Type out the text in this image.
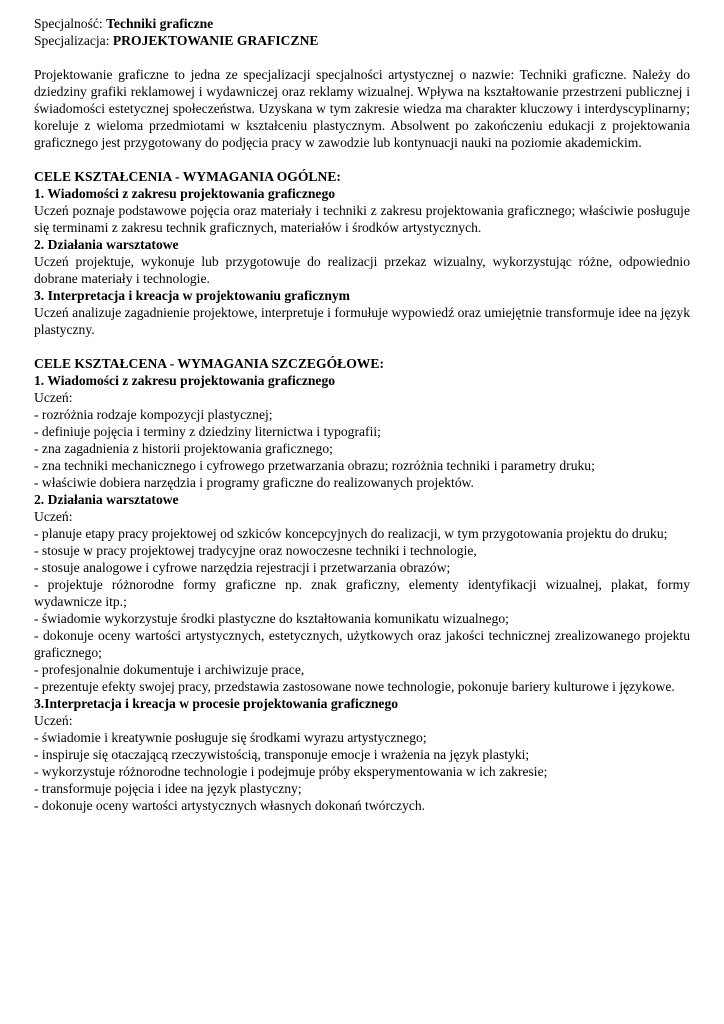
Specjalność: Techniki graficzne

Specjalizacja: PROJEKTOWANIE GRAFICZNE

Projektowanie graficzne to jedna ze specjalizacji specjalności artystycznej o nazwie: Techniki graficzne. Należy do dziedziny grafiki reklamowej i wydawniczej oraz reklamy wizualnej. Wpływa na kształtowanie przestrzeni publicznej i świadomości estetycznej społeczeństwa. Uzyskana w tym zakresie wiedza ma charakter kluczowy i interdyscyplinarny; koreluje z wieloma przedmiotami w kształceniu plastycznym. Absolwent po zakończeniu edukacji z projektowania graficznego jest przygotowany do podjęcia pracy w zawodzie lub kontynuacji nauki na poziomie akademickim.

CELE KSZTAŁCENIA - WYMAGANIA OGÓLNE:

1. Wiadomości z zakresu projektowania graficznego

Uczeń poznaje podstawowe pojęcia oraz materiały i techniki z zakresu projektowania graficznego; właściwie posługuje się terminami z zakresu technik graficznych, materiałów i środków artystycznych.

2. Działania warsztatowe

Uczeń projektuje, wykonuje lub przygotowuje do realizacji przekaz wizualny, wykorzystując różne, odpowiednio dobrane materiały i technologie.

3. Interpretacja i kreacja w projektowaniu graficznym

Uczeń analizuje zagadnienie projektowe, interpretuje i formułuje wypowiedź oraz umiejętnie transformuje idee na język plastyczny.

CELE KSZTAŁCENA - WYMAGANIA SZCZEGÓŁOWE:

1. Wiadomości z zakresu projektowania graficznego

Uczeń:

- rozróżnia rodzaje kompozycji plastycznej;
- definiuje pojęcia i terminy z dziedziny liternictwa i typografii;
- zna zagadnienia z historii projektowania graficznego;
- zna techniki mechanicznego i cyfrowego przetwarzania obrazu; rozróżnia techniki i parametry druku;
- właściwie dobiera narzędzia i programy graficzne do realizowanych projektów.

2. Działania warsztatowe

Uczeń:

- planuje etapy pracy projektowej od szkiców koncepcyjnych do realizacji, w tym przygotowania projektu do druku;
- stosuje w pracy projektowej tradycyjne oraz nowoczesne techniki i technologie,
- stosuje analogowe i cyfrowe narzędzia rejestracji i przetwarzania obrazów;
- projektuje różnorodne formy graficzne np. znak graficzny, elementy identyfikacji wizualnej, plakat, formy wydawnicze itp.;
- świadomie wykorzystuje środki plastyczne do kształtowania komunikatu wizualnego;
- dokonuje oceny wartości artystycznych, estetycznych, użytkowych oraz jakości technicznej zrealizowanego projektu graficznego;
- profesjonalnie dokumentuje i archiwizuje prace,
- prezentuje efekty swojej pracy, przedstawia zastosowane nowe technologie, pokonuje bariery kulturowe i językowe.

3.Interpretacja i kreacja w procesie projektowania graficznego

Uczeń:

- świadomie i kreatywnie posługuje się środkami wyrazu artystycznego;
- inspiruje się otaczającą rzeczywistością, transponuje emocje i wrażenia na język plastyki;
- wykorzystuje różnorodne technologie i podejmuje próby eksperymentowania w ich zakresie;
- transformuje pojęcia i idee na język plastyczny;
- dokonuje oceny wartości artystycznych własnych dokonań twórczych.
